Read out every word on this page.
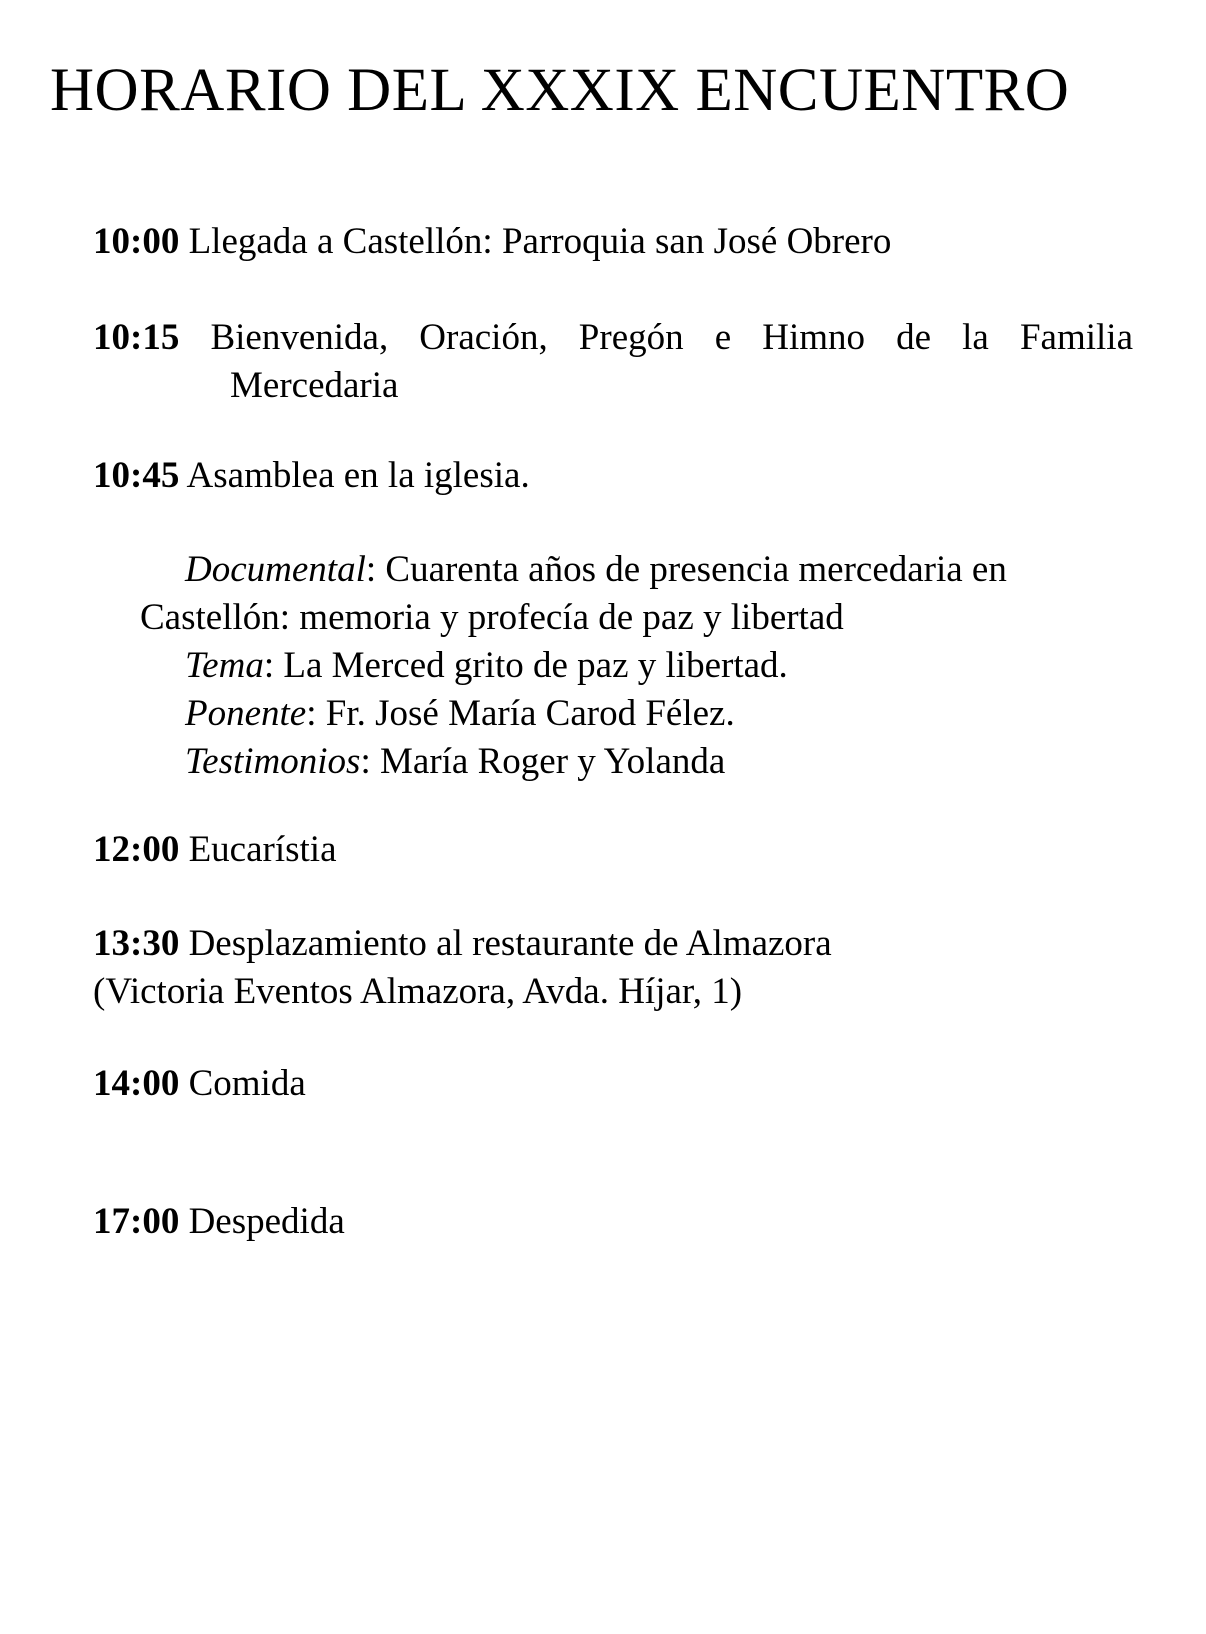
HORARIO DEL XXXIX ENCUENTRO

10:00 Llegada a Castellón: Parroquia san José Obrero

10:15 Bienvenida, Oración, Pregón e Himno de la Familia
Mercedaria

10:45 Asamblea en la iglesia.

Documental: Cuarenta años de presencia mercedaria en
Castellón: memoria y profecía de paz y libertad
Tema: La Merced grito de paz y libertad.
Ponente: Fr. José María Carod Félez.
Testimonios: María Roger y Yolanda

12:00 Eucarístia

13:30 Desplazamiento al restaurante de Almazora
(Victoria Eventos Almazora, Avda. Híjar, 1)

14:00 Comida

17:00 Despedida
